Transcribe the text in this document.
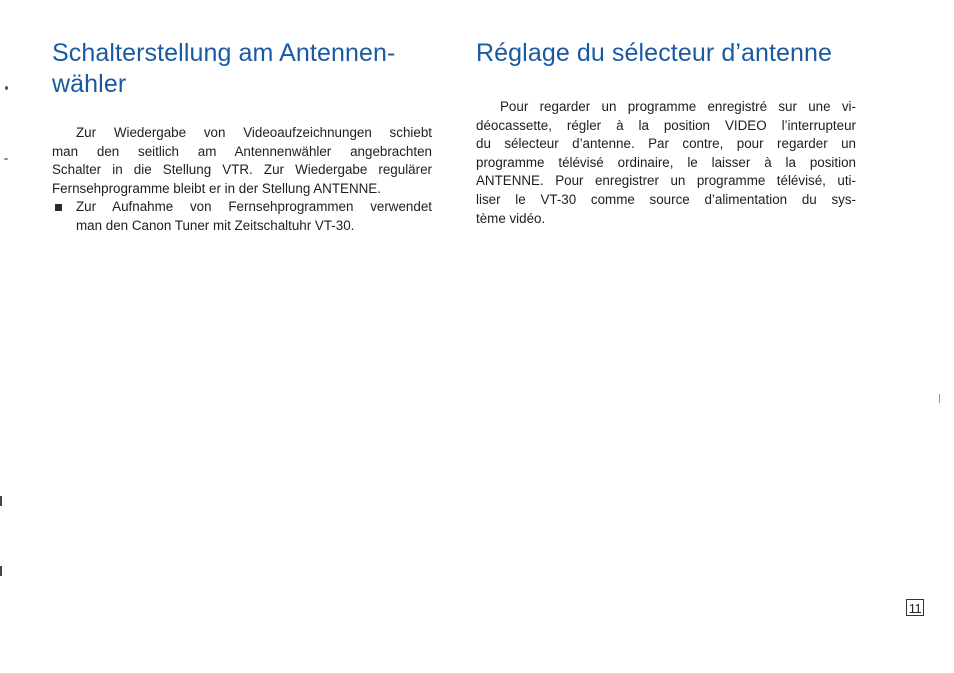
Schalterstellung am Antennen-
wähler
Zur Wiedergabe von Videoaufzeichnungen schiebt
man den seitlich am Antennenwähler angebrachten
Schalter in die Stellung VTR. Zur Wiedergabe regulärer
Fernsehprogramme bleibt er in der Stellung ANTENNE.
Zur Aufnahme von Fernsehprogrammen verwendet
man den Canon Tuner mit Zeitschaltuhr VT-30.
Réglage du sélecteur d’antenne
Pour regarder un programme enregistré sur une vi-
déocassette, régler à la position VIDEO l’interrupteur
du sélecteur d’antenne. Par contre, pour regarder un
programme télévisé ordinaire, le laisser à la position
ANTENNE. Pour enregistrer un programme télévisé, uti-
liser le VT-30 comme source d’alimentation du sys-
tème vidéo.
11
